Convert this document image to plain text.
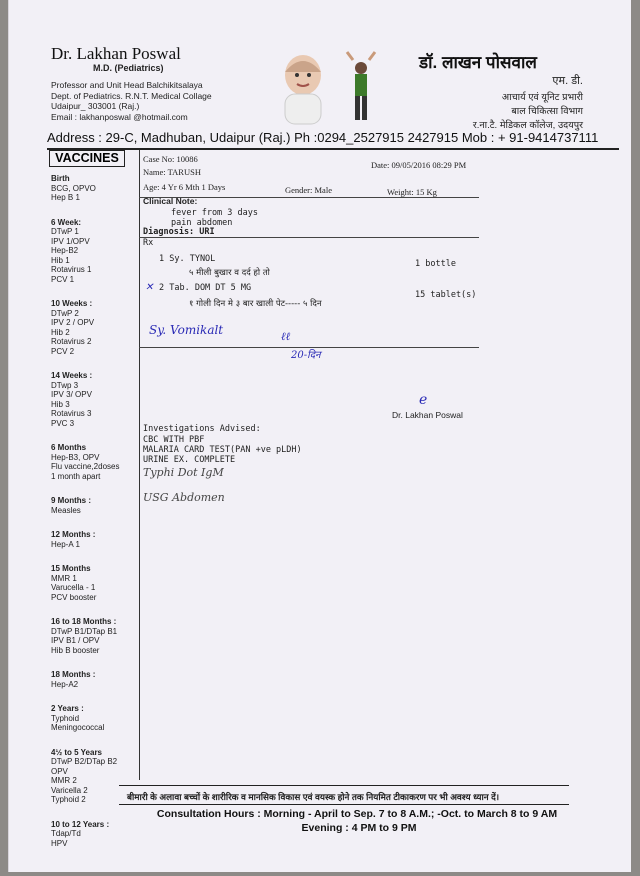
Dr. Lakhan Poswal
M.D. (Pediatrics)
Professor and Unit Head Balchikitsalaya
Dept. of Pediatrics. R.N.T. Medical Collage
Udaipur_ 303001 (Raj.)
Email : lakhanposwal @hotmail.com
डॉ. लाखन पोसवाल
एम. डी.
आचार्य एवं यूनिट प्रभारी
बाल चिकित्सा विभाग
र.ना.टै. मेडिकल कॉलेज, उदयपुर
Address : 29-C, Madhuban, Udaipur (Raj.) Ph :0294_2527915 2427915 Mob : + 91-9414737111
VACCINES
Birth
BCG, OPVO
Hep B 1
6 Week:
DTwP 1
IPV 1/OPV
Hep-B2
Hib 1
Rotavirus 1
PCV 1
10 Weeks :
DTwP 2
IPV 2 / OPV
Hib 2
Rotavirus 2
PCV 2
14 Weeks :
DTwp 3
IPV 3/ OPV
Hib 3
Rotavirus 3
PVC 3
6 Months
Hep-B3, OPV
Flu vaccine,2doses
1 month apart
9 Months :
Measles
12 Months :
Hep-A 1
15 Months
MMR 1
Varucella - 1
PCV booster
16 to 18 Months :
DTwP B1/DTap B1
IPV B1 / OPV
Hib B booster
18 Months :
Hep-A2
2 Years :
Typhoid
Meningococcal
4½ to 5 Years
DTwP B2/DTap B2
OPV
MMR 2
Varicella 2
Typhoid 2
10 to 12 Years :
Tdap/Td
HPV
Case No: 10086
Date: 09/05/2016 08:29 PM
Name: TARUSH
Age: 4 Yr 6 Mth 1 Days	Gender: Male	Weight: 15 Kg
Clinical Note:
fever from 3 days
pain abdomen
Diagnosis: URI
Rx
1 Sy. TYNOL
५ मीली बुखार व दर्द हो तो
1 bottle
✕ 2 Tab. DOM DT 5 MG
१ गोली दिन मे ३ बार खाली पेट----- ५ दिन
15 tablet(s)
Sy. Vomikalt	ℓℓ
20-दिन
e
Dr. Lakhan Poswal
Investigations Advised:
CBC WITH PBF
MALARIA CARD TEST(PAN +ve pLDH)
URINE EX. COMPLETE
Typhi Dot IgM
USG Abdomen
बीमारी के अलावा बच्चों के शारीरिक व मानसिक विकास एवं वयस्क होने तक नियमित टीकाकरण पर भी अवश्य ध्यान दें।
Consultation Hours : Morning - April to Sep. 7 to 8 A.M.; -Oct. to March 8 to 9 AM
Evening : 4 PM to 9 PM
